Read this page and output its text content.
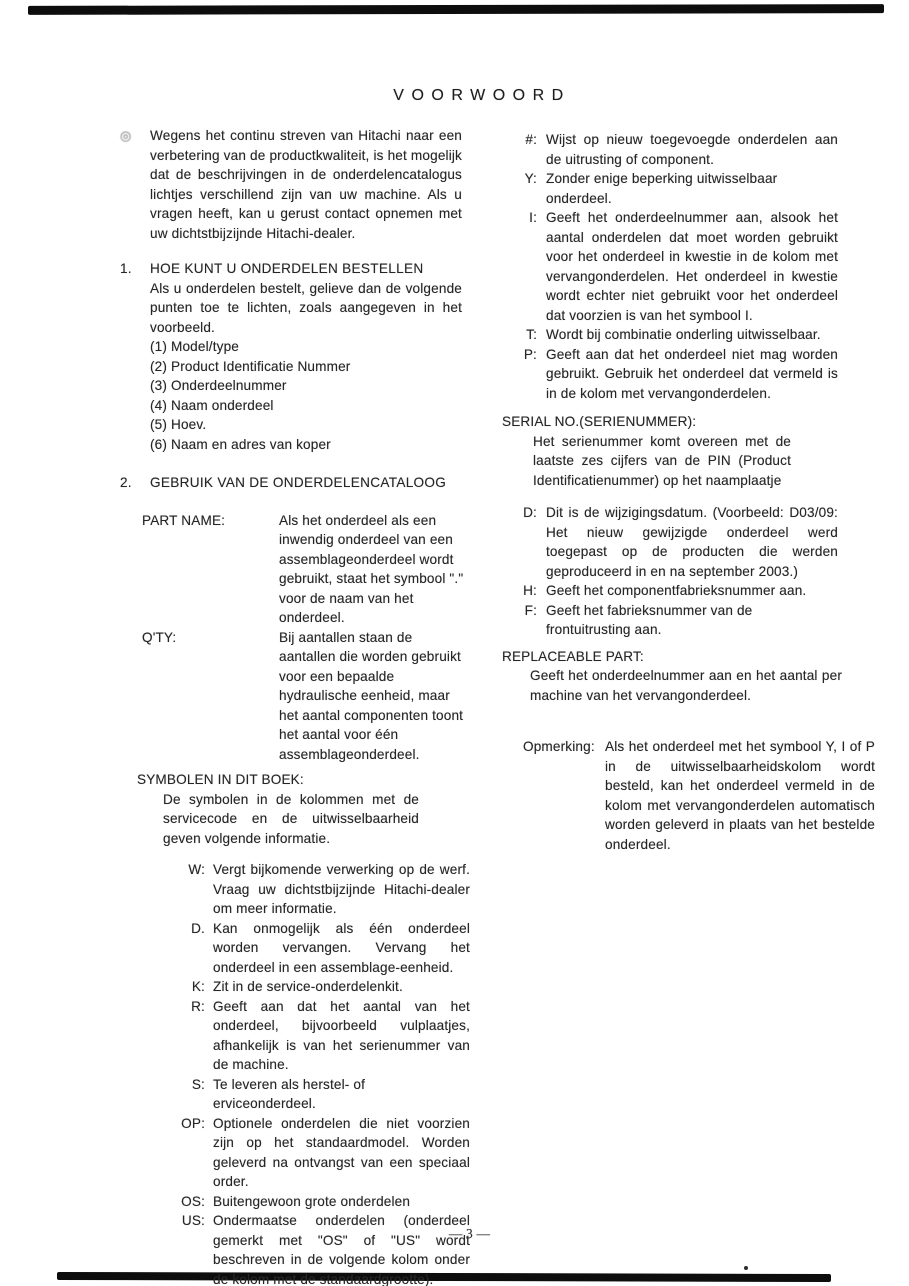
VOORWOORD
◎	Wegens het continu streven van Hitachi naar een verbetering van de productkwaliteit, is het mogelijk dat de beschrijvingen in de onderdelencatalogus lichtjes verschillend zijn van uw machine. Als u vragen heeft, kan u gerust contact opnemen met uw dichtstbijzijnde Hitachi-dealer.

1.	HOE KUNT U ONDERDELEN BESTELLEN

Als u onderdelen bestelt, gelieve dan de volgende punten toe te lichten, zoals aangegeven in het voorbeeld.

(1) Model/type
(2) Product Identificatie Nummer
(3) Onderdeelnummer
(4) Naam onderdeel
(5) Hoev.
(6) Naam en adres van koper
2.	GEBRUIK VAN DE ONDERDELENCATALOOG
PART NAME:	Als het onderdeel als een inwendig onderdeel van een assemblageonderdeel wordt gebruikt, staat het symbool "." voor de naam van het onderdeel.

Q'TY:	Bij aantallen staan de aantallen die worden gebruikt voor een bepaalde hydraulische eenheid, maar het aantal componenten toont het aantal voor één assemblageonderdeel.

SYMBOLEN IN DIT BOEK:

De symbolen in de kolommen met de servicecode en de uitwisselbaarheid geven volgende informatie.

W: Vergt bijkomende verwerking op de werf. Vraag uw dichtstbijzijnde Hitachi-dealer om meer informatie.

D. Kan onmogelijk als één onderdeel worden vervangen. Vervang het onderdeel in een assemblage-eenheid.

K: Zit in de service-onderdelenkit.

R: Geeft aan dat het aantal van het onderdeel, bijvoorbeeld vulplaatjes, afhankelijk is van het serienummer van de machine.

S: Te leveren als herstel- of erviceonderdeel.

OP: Optionele onderdelen die niet voorzien zijn op het standaardmodel. Worden geleverd na ontvangst van een speciaal order.

OS: Buitengewoon grote onderdelen

US: Ondermaatse onderdelen (onderdeel gemerkt met "OS" of "US" wordt beschreven in de volgende kolom onder de kolom met de standaardgrootte).

#: Wijst op nieuw toegevoegde onderdelen aan de uitrusting of component.

Y: Zonder enige beperking uitwisselbaar onderdeel.

I: Geeft het onderdeelnummer aan, alsook het aantal onderdelen dat moet worden gebruikt voor het onderdeel in kwestie in de kolom met vervangonderdelen. Het onderdeel in kwestie wordt echter niet gebruikt voor het onderdeel dat voorzien is van het symbool I.

T: Wordt bij combinatie onderling uitwisselbaar.

P: Geeft aan dat het onderdeel niet mag worden gebruikt. Gebruik het onderdeel dat vermeld is in de kolom met vervangonderdelen.

SERIAL NO.(SERIENUMMER):

Het serienummer komt overeen met de laatste zes cijfers van de PIN (Product Identificatienummer) op het naamplaatje

D: Dit is de wijzigingsdatum. (Voorbeeld: D03/09: Het nieuw gewijzigde onderdeel werd toegepast op de producten die werden geproduceerd in en na september 2003.)

H: Geeft het componentfabrieksnummer aan.

F: Geeft het fabrieksnummer van de frontuitrusting aan.

REPLACEABLE PART:

Geeft het onderdeelnummer aan en het aantal per machine van het vervangonderdeel.

Opmerking: Als het onderdeel met het symbool Y, I of P in de uitwisselbaarheidskolom wordt besteld, kan het onderdeel vermeld in de kolom met vervangonderdelen automatisch worden geleverd in plaats van het bestelde onderdeel.

— 3 —
